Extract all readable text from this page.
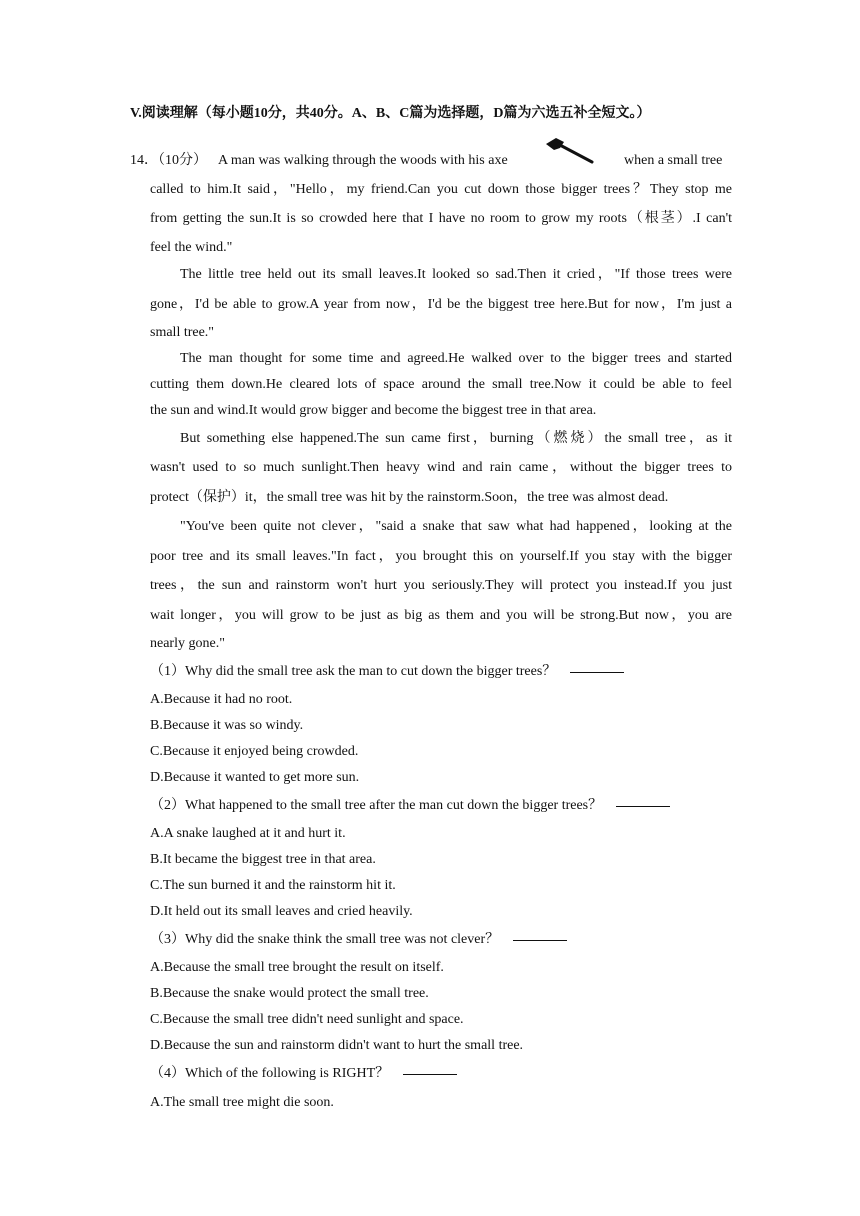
V.阅读理解（每小题10分，共40分。A、B、C篇为选择题，D篇为六选五补全短文。）
14．（10分） A man was walking through the woods with his axe	when a small tree
called to him.It said，"Hello，my friend.Can you cut down those bigger trees？They stop me
from getting the sun.It is so crowded here that I have no room to grow my roots（根茎）.I can't
feel the wind."
The little tree held out its small leaves.It looked so sad.Then it cried，"If those trees were
gone，I'd be able to grow.A year from now，I'd be the biggest tree here.But for now，I'm just a
small tree."
The man thought for some time and agreed.He walked over to the bigger trees and started
cutting them down.He cleared lots of space around the small tree.Now it could be able to feel
the sun and wind.It would grow bigger and become the biggest tree in that area.
But something else happened.The sun came first，burning（燃烧）the small tree，as it
wasn't used to so much sunlight.Then heavy wind and rain came，without the bigger trees to
protect（保护）it，the small tree was hit by the rainstorm.Soon，the tree was almost dead.
"You've been quite not clever，"said a snake that saw what had happened，looking at the
poor tree and its small leaves."In fact，you brought this on yourself.If you stay with the bigger
trees，the sun and rainstorm won't hurt you seriously.They will protect you instead.If you just
wait longer，you will grow to be just as big as them and you will be strong.But now，you are
nearly gone."
（1）Why did the small tree ask the man to cut down the bigger trees？
A.Because it had no root.
B.Because it was so windy.
C.Because it enjoyed being crowded.
D.Because it wanted to get more sun.
（2）What happened to the small tree after the man cut down the bigger trees？
A.A snake laughed at it and hurt it.
B.It became the biggest tree in that area.
C.The sun burned it and the rainstorm hit it.
D.It held out its small leaves and cried heavily.
（3）Why did the snake think the small tree was not clever？
A.Because the small tree brought the result on itself.
B.Because the snake would protect the small tree.
C.Because the small tree didn't need sunlight and space.
D.Because the sun and rainstorm didn't want to hurt the small tree.
（4）Which of the following is RIGHT？
A.The small tree might die soon.
